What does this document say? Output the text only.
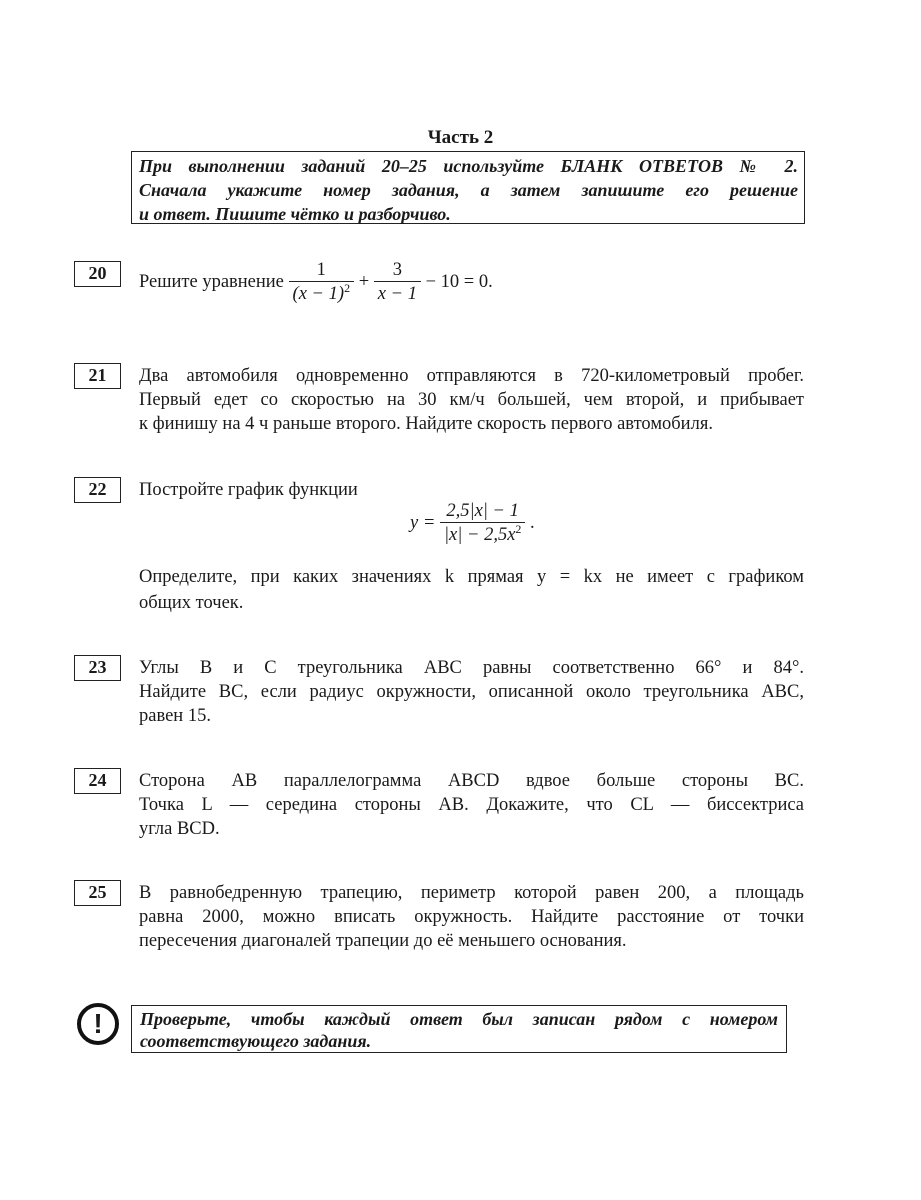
Часть 2
При выполнении заданий 20–25 используйте БЛАНК ОТВЕТОВ № 2.
Сначала укажите номер задания, а затем запишите его решение
и ответ. Пишите чётко и разборчиво.
20	Решите уравнение $\frac{1}{(x - 1)^2} + \frac{3}{x - 1} - 10 = 0$.
21	Два автомобиля одновременно отправляются в 720-километровый пробег.
Первый едет со скоростью на 30 км/ч большей, чем второй, и прибывает
к финишу на 4 ч раньше второго. Найдите скорость первого автомобиля.
22	Постройте график функции
$y = \frac{2,5|x| - 1}{|x| - 2,5x^2}$ .
Определите, при каких значениях k прямая y = kx не имеет с графиком
общих точек.
23	Углы B и C треугольника ABC равны соответственно 66° и 84°.
Найдите BC, если радиус окружности, описанной около треугольника ABC,
равен 15.
24	Сторона AB параллелограмма ABCD вдвое больше стороны BC.
Точка L — середина стороны AB. Докажите, что CL — биссектриса
угла BCD.
25	В равнобедренную трапецию, периметр которой равен 200, а площадь
равна 2000, можно вписать окружность. Найдите расстояние от точки
пересечения диагоналей трапеции до её меньшего основания.
!	Проверьте, чтобы каждый ответ был записан рядом с номером
соответствующего задания.
